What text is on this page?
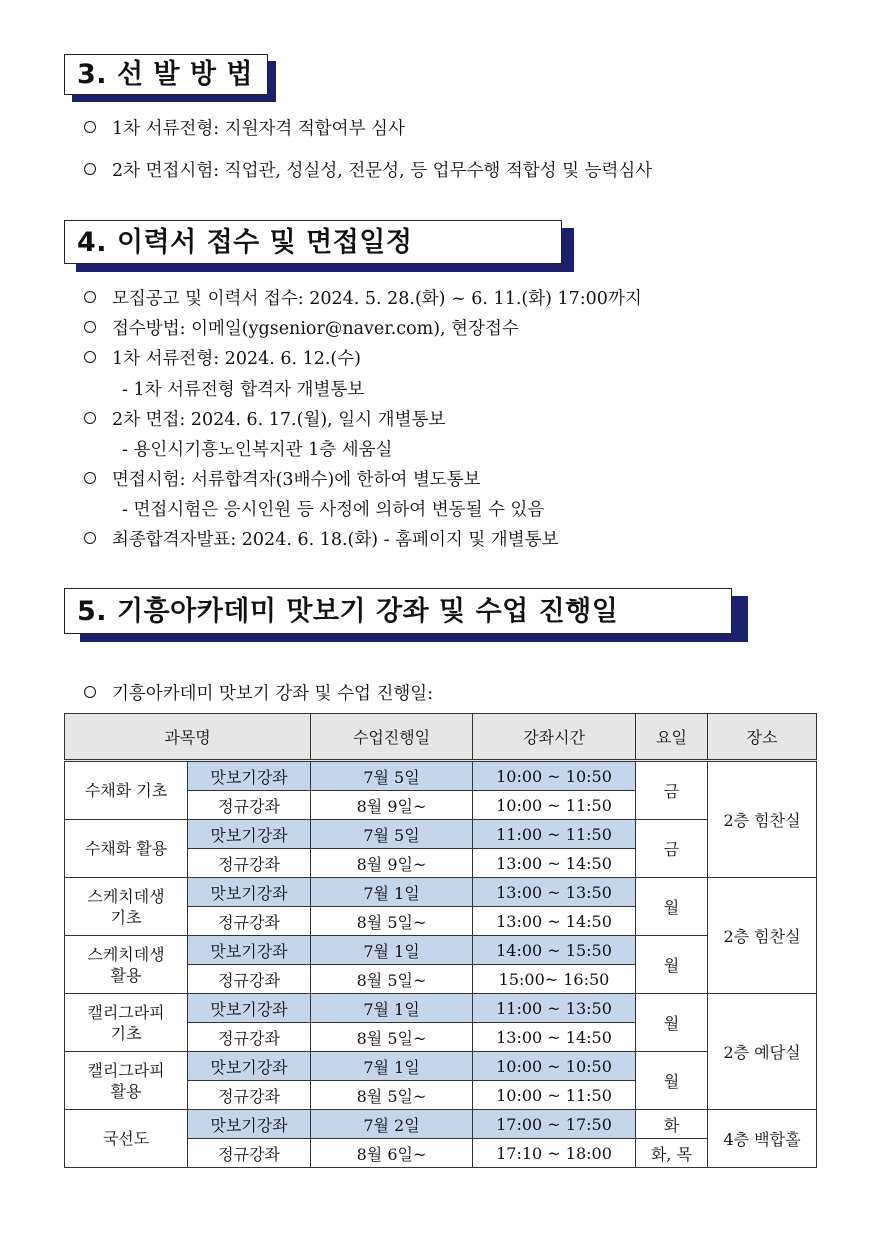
3. 선 발 방 법
1차 서류전형: 지원자격 적합여부 심사
2차 면접시험: 직업관, 성실성, 전문성, 등 업무수행 적합성 및 능력심사
4. 이력서 접수 및 면접일정
모집공고 및 이력서 접수: 2024. 5. 28.(화) ~ 6. 11.(화) 17:00까지
접수방법: 이메일(ygsenior@naver.com), 현장접수
1차 서류전형: 2024. 6. 12.(수)
- 1차 서류전형 합격자 개별통보
2차 면접: 2024. 6. 17.(월), 일시 개별통보
- 용인시기흥노인복지관 1층 세움실
면접시험: 서류합격자(3배수)에 한하여 별도통보
- 면접시험은 응시인원 등 사정에 의하여 변동될 수 있음
최종합격자발표: 2024. 6. 18.(화) - 홈페이지 및 개별통보
5. 기흥아카데미 맛보기 강좌 및 수업 진행일
기흥아카데미 맛보기 강좌 및 수업 진행일:
과목명		수업진행일	강좌시간	요일	장소
수채화 기초	맛보기강좌	7월 5일	10:00 ~ 10:50	금	2층 힘찬실
	정규강좌	8월 9일~	10:00 ~ 11:50		
수채화 활용	맛보기강좌	7월 5일	11:00 ~ 11:50	금	
	정규강좌	8월 9일~	13:00 ~ 14:50		
스케치데생
기초	맛보기강좌	7월 1일	13:00 ~ 13:50	월	2층 힘찬실
	정규강좌	8월 5일~	13:00 ~ 14:50		
스케치데생
활용	맛보기강좌	7월 1일	14:00 ~ 15:50	월	
	정규강좌	8월 5일~	15:00~ 16:50		
캘리그라피
기초	맛보기강좌	7월 1일	11:00 ~ 13:50	월	2층 예담실
	정규강좌	8월 5일~	13:00 ~ 14:50		
캘리그라피
활용	맛보기강좌	7월 1일	10:00 ~ 10:50	월	
	정규강좌	8월 5일~	10:00 ~ 11:50		
국선도	맛보기강좌	7월 2일	17:00 ~ 17:50	화	4층 백합홀
	정규강좌	8월 6일~	17:10 ~ 18:00	화, 목	
